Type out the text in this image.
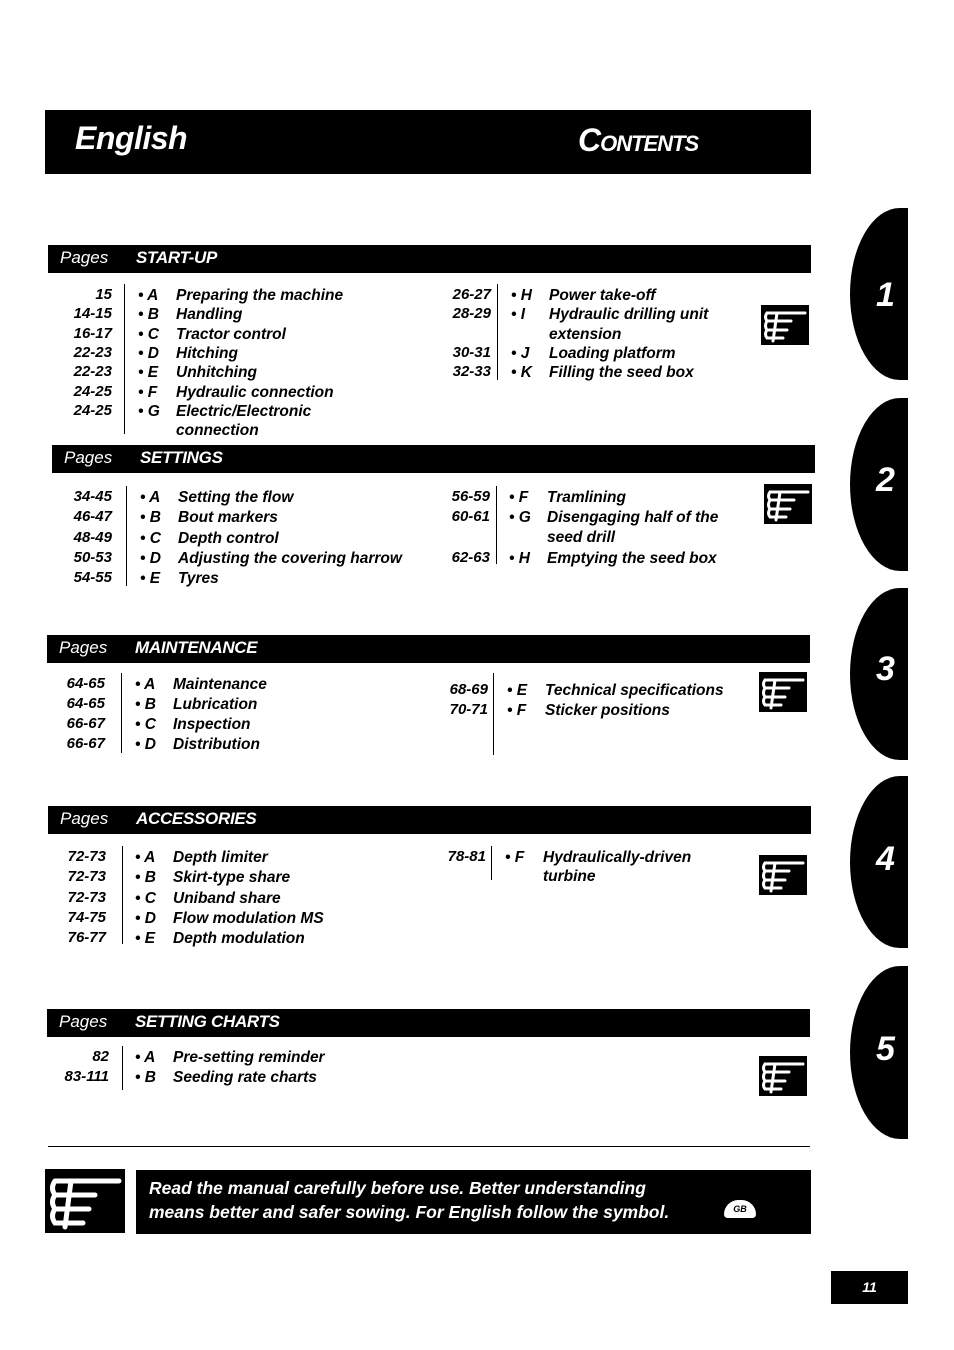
English	Contents
Pages START-UP
Pages SETTINGS
Pages MAINTENANCE
Pages ACCESSORIES
Pages SETTING CHARTS
15 • A Preparing the machine
14-15 • B Handling
16-17 • C Tractor control
22-23 • D Hitching
22-23 • E Unhitching
24-25 • F Hydraulic connection
24-25 • G Electric/Electronic
connection
26-27 • H Power take-off
28-29 • I Hydraulic drilling unit
extension
30-31 • J Loading platform
32-33 • K Filling the seed box
34-45 • A Setting the flow
46-47 • B Bout markers
48-49 • C Depth control
50-53 • D Adjusting the covering harrow
54-55 • E Tyres
56-59 • F Tramlining
60-61 • G Disengaging half of the
seed drill
62-63 • H Emptying the seed box
64-65 • A Maintenance
64-65 • B Lubrication
66-67 • C Inspection
66-67 • D Distribution
68-69 • E Technical specifications
70-71 • F Sticker positions
72-73 • A Depth limiter
72-73 • B Skirt-type share
72-73 • C Uniband share
74-75 • D Flow modulation MS
76-77 • E Depth modulation
78-81 • F Hydraulically-driven
turbine
82 • A Pre-setting reminder
83-111 • B Seeding rate charts
1
2
3
4
5
Read the manual carefully before use. Better understanding
means better and safer sowing. For English follow the symbol.	GB
11
